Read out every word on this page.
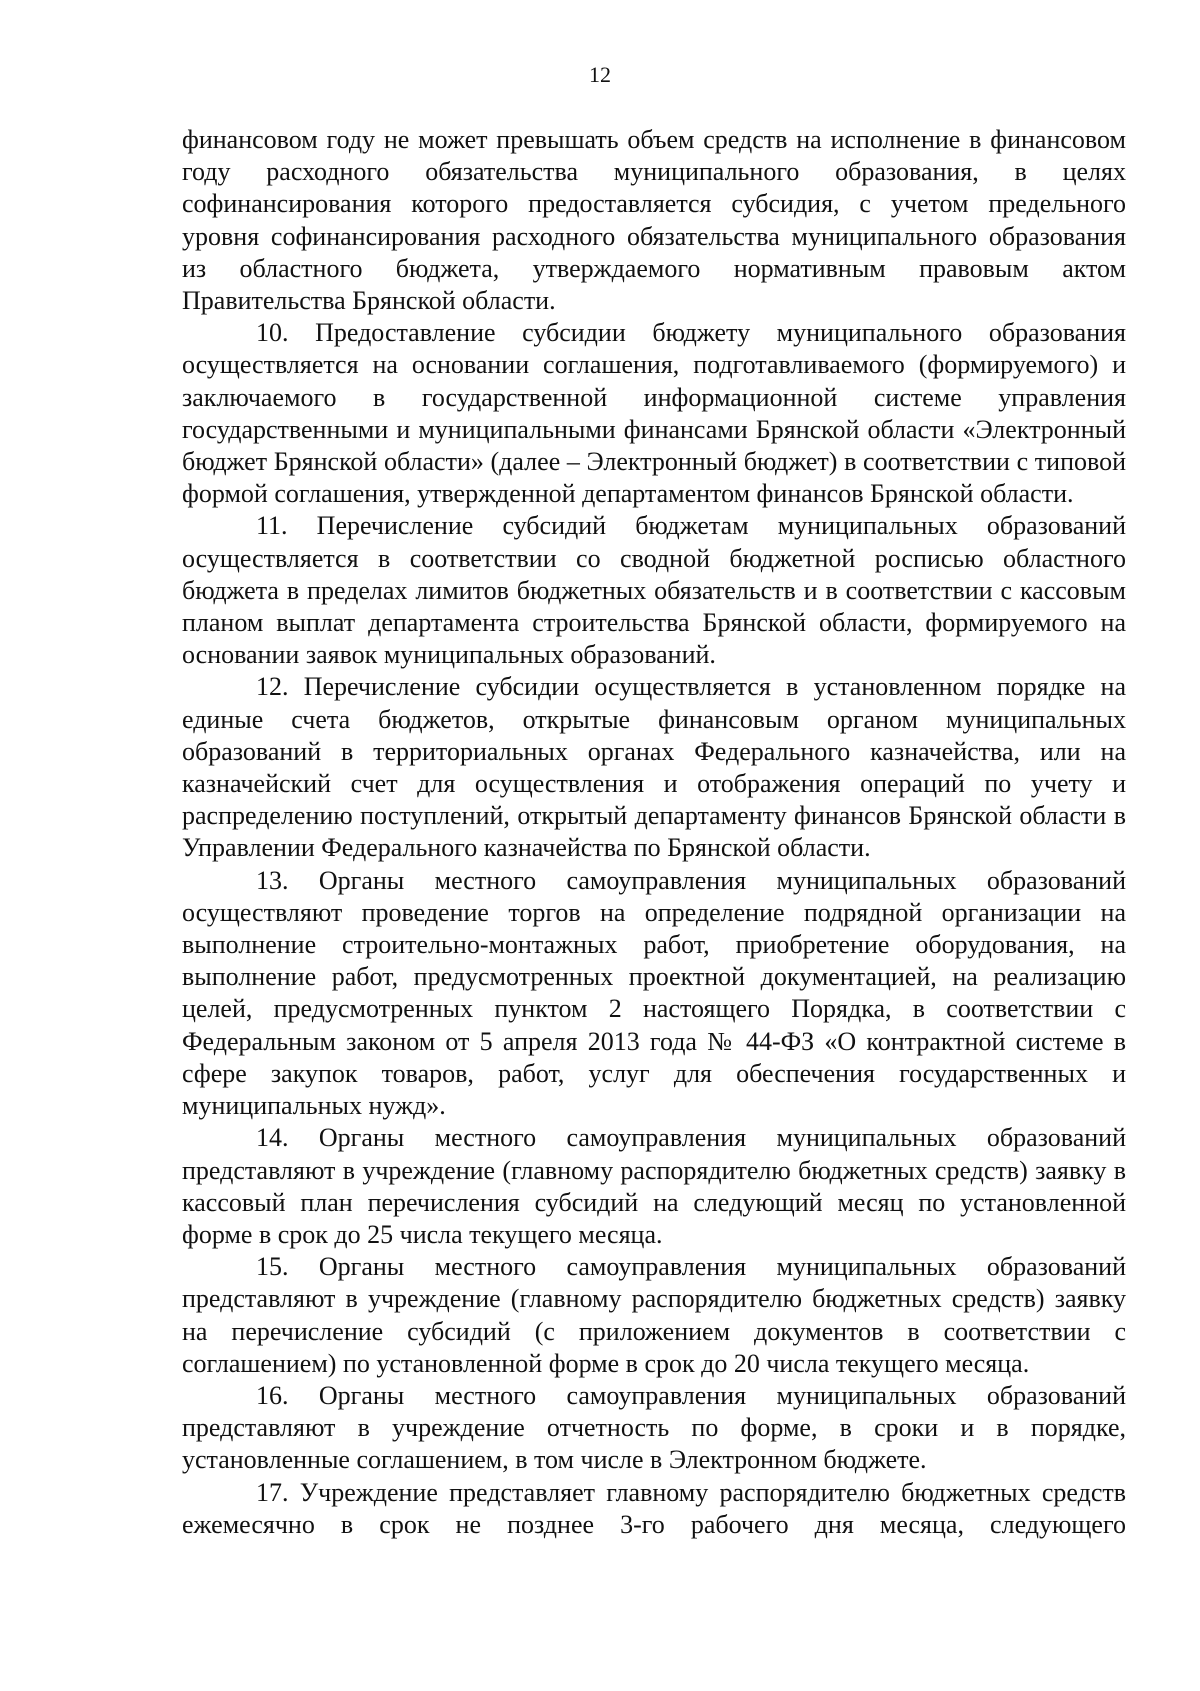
12

финансовом году не может превышать объем средств на исполнение в финансовом году расходного обязательства муниципального образования, в целях софинансирования которого предоставляется субсидия, с учетом предельного уровня софинансирования расходного обязательства муниципального образования из областного бюджета, утверждаемого нормативным правовым актом Правительства Брянской области.

10. Предоставление субсидии бюджету муниципального образования осуществляется на основании соглашения, подготавливаемого (формируемого) и заключаемого в государственной информационной системе управления государственными и муниципальными финансами Брянской области «Электронный бюджет Брянской области» (далее – Электронный бюджет) в соответствии с типовой формой соглашения, утвержденной департаментом финансов Брянской области.

11. Перечисление субсидий бюджетам муниципальных образований осуществляется в соответствии со сводной бюджетной росписью областного бюджета в пределах лимитов бюджетных обязательств и в соответствии с кассовым планом выплат департамента строительства Брянской области, формируемого на основании заявок муниципальных образований.

12. Перечисление субсидии осуществляется в установленном порядке на единые счета бюджетов, открытые финансовым органом муниципальных образований в территориальных органах Федерального казначейства, или на казначейский счет для осуществления и отображения операций по учету и распределению поступлений, открытый департаменту финансов Брянской области в Управлении Федерального казначейства по Брянской области.

13. Органы местного самоуправления муниципальных образований осуществляют проведение торгов на определение подрядной организации на выполнение строительно-монтажных работ, приобретение оборудования, на выполнение работ, предусмотренных проектной документацией, на реализацию целей, предусмотренных пунктом 2 настоящего Порядка, в соответствии с Федеральным законом от 5 апреля 2013 года № 44-ФЗ «О контрактной системе в сфере закупок товаров, работ, услуг для обеспечения государственных и муниципальных нужд».

14. Органы местного самоуправления муниципальных образований представляют в учреждение (главному распорядителю бюджетных средств) заявку в кассовый план перечисления субсидий на следующий месяц по установленной форме в срок до 25 числа текущего месяца.

15. Органы местного самоуправления муниципальных образований представляют в учреждение (главному распорядителю бюджетных средств) заявку на перечисление субсидий (с приложением документов в соответствии с соглашением) по установленной форме в срок до 20 числа текущего месяца.

16. Органы местного самоуправления муниципальных образований представляют в учреждение отчетность по форме, в сроки и в порядке, установленные соглашением, в том числе в Электронном бюджете.

17. Учреждение представляет главному распорядителю бюджетных средств ежемесячно в срок не позднее 3-го рабочего дня месяца, следующего
